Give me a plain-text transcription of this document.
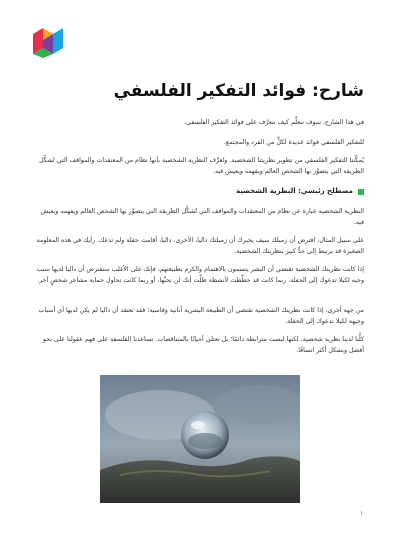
شارح: فوائد التفكير الفلسفي

في هذا الشارح، سوف نتعلَّم كيف نتعرَّف على فوائد التفكير الفلسفي.

للتفكير الفلسفي فوائد عديدة لكلٍّ من الفرد والمجتمع.

يُمكِّننا التفكير الفلسفي من تطوير نظريتنا الشخصية. وتُعرَّف النظرية الشخصية بأنها نظام من المعتقدات والمواقف التي تُشكِّل الطريقة التي يتصوَّر بها الشخص العالم ويفهمه ويعيش فيه.

مصطلح رئيسي: النظرية الشخصية

النظرية الشخصية عبارة عن نظام من المعتقدات والمواقف التي تُشكِّل الطريقة التي يتصوَّر بها الشخص العالم ويفهمه ويعيش فيه.

على سبيل المثال، افترض أن زميلك سيف يخبرك أن زميلتك داليا، الأخرى، داليا، أقامت حفلة ولم تدعك. رأيك في هذه المعلومة الصغيرة قد يرتبط إلى حدٍّ كبير بنظريتك الشخصية.

إذا كانت نظريتك الشخصية تقتضي أن البشر يتسمون بالاهتمام والكرم بطبيعتهم، فإنك على الأغلب ستفترض أن داليا لديها سبب وجيه لكيلا تدعوك إلى الحفلة. ربما كانت قد خطَّطت لأنشطة ظلَّت أنك لن تحبَّها، أو ربما كانت تحاول حماية مشاعر شخصٍ آخر.

من جهة أخرى، إذا كانت نظريتك الشخصية تقتضي أن الطبيعة البشرية أنانية وقاسية؛ فقد تعتقد أن داليا لم يكن لديها أي أسباب وجيهة لكيلا تدعوك إلى الحفلة.

كلُّنا لدينا نظرية شخصية، لكنها ليست مترابطة دائمًا؛ بل تعتلي أحيانًا بالمتناقضات. تساعدنا الفلسفة على فهم عقولنا على نحو أفضل وبشكل أكثر اتساقًا.

١
